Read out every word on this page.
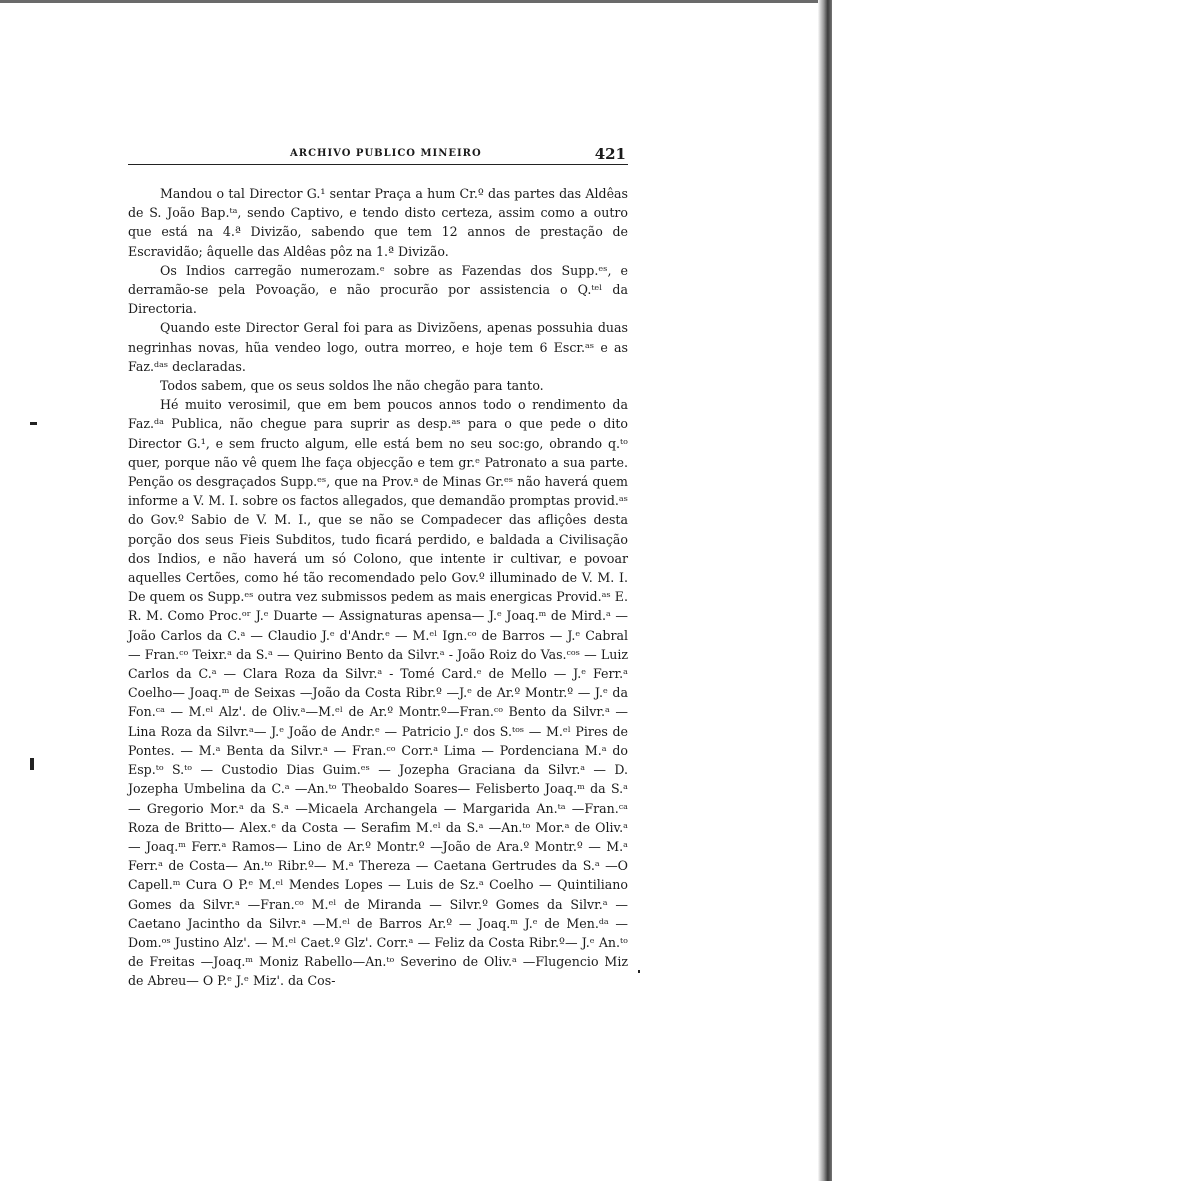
ARCHIVO PUBLICO MINEIRO	421

Mandou o tal Director G.¹ sentar Praça a hum Cr.º das partes das Aldêas de S. João Bap.ᵗᵃ, sendo Captivo, e tendo disto certeza, assim como a outro que está na 4.ª Divizão, sabendo que tem 12 annos de prestação de Escravidão; âquelle das Aldêas pôz na 1.ª Divizão.

Os Indios carregão numerozam.ᵉ sobre as Fazendas dos Supp.ᵉˢ, e derramão-se pela Povoação, e não procurão por assistencia o Q.ᵗᵉˡ da Directoria.

Quando este Director Geral foi para as Divizõens, apenas possuhia duas negrinhas novas, hũa vendeo logo, outra morreo, e hoje tem 6 Escr.ᵃˢ e as Faz.ᵈᵃˢ declaradas.

Todos sabem, que os seus soldos lhe não chegão para tanto.

Hé muito verosimil, que em bem poucos annos todo o rendimento da Faz.ᵈᵃ Publica, não chegue para suprir as desp.ᵃˢ para o que pede o dito Director G.¹, e sem fructo algum, elle está bem no seu soc:go, obrando q.ᵗᵒ quer, porque não vê quem lhe faça objecção e tem gr.ᵉ Patronato a sua parte. Penção os desgraçados Supp.ᵉˢ, que na Prov.ᵃ de Minas Gr.ᵉˢ não haverá quem informe a V. M. I. sobre os factos allegados, que demandão promptas provid.ᵃˢ do Gov.º Sabio de V. M. I., que se não se Compadecer das afliçôes desta porção dos seus Fieis Subditos, tudo ficará perdido, e baldada a Civilisação dos Indios, e não haverá um só Colono, que intente ir cultivar, e povoar aquelles Certões, como hé tão recomendado pelo Gov.º illuminado de V. M. I. De quem os Supp.ᵉˢ outra vez submissos pedem as mais energicas Provid.ᵃˢ E. R. M. Como Proc.ᵒʳ J.ᵉ Duarte — Assignaturas apensa— J.ᵉ Joaq.ᵐ de Mird.ᵃ — João Carlos da C.ᵃ — Claudio J.ᵉ d'Andr.ᵉ — M.ᵉˡ Ign.ᶜᵒ de Barros — J.ᵉ Cabral — Fran.ᶜᵒ Teixr.ᵃ da S.ᵃ — Quirino Bento da Silvr.ᵃ - João Roiz do Vas.ᶜᵒˢ — Luiz Carlos da C.ᵃ — Clara Roza da Silvr.ᵃ - Tomé Card.ᵉ de Mello — J.ᵉ Ferr.ᵃ Coelho— Joaq.ᵐ de Seixas —João da Costa Ribr.º —J.ᵉ de Ar.º Montr.º — J.ᵉ da Fon.ᶜᵃ — M.ᵉˡ Alz'. de Oliv.ᵃ—M.ᵉˡ de Ar.º Montr.º—Fran.ᶜᵒ Bento da Silvr.ᵃ — Lina Roza da Silvr.ᵃ— J.ᵉ João de Andr.ᵉ — Patricio J.ᵉ dos S.ᵗᵒˢ — M.ᵉˡ Pires de Pontes. — M.ᵃ Benta da Silvr.ᵃ — Fran.ᶜᵒ Corr.ᵃ Lima — Pordenciana M.ᵃ do Esp.ᵗᵒ S.ᵗᵒ — Custodio Dias Guim.ᵉˢ — Jozepha Graciana da Silvr.ᵃ — D. Jozepha Umbelina da C.ᵃ —An.ᵗᵒ Theobaldo Soares— Felisberto Joaq.ᵐ da S.ᵃ — Gregorio Mor.ᵃ da S.ᵃ —Micaela Archangela — Margarida An.ᵗᵃ —Fran.ᶜᵃ Roza de Britto— Alex.ᵉ da Costa — Serafim M.ᵉˡ da S.ᵃ —An.ᵗᵒ Mor.ᵃ de Oliv.ᵃ — Joaq.ᵐ Ferr.ᵃ Ramos— Lino de Ar.º Montr.º —João de Ara.º Montr.º — M.ᵃ Ferr.ᵃ de Costa— An.ᵗᵒ Ribr.º— M.ᵃ Thereza — Caetana Gertrudes da S.ᵃ —O Capell.ᵐ Cura O P.ᵉ M.ᵉˡ Mendes Lopes — Luis de Sz.ᵃ Coelho — Quintiliano Gomes da Silvr.ᵃ —Fran.ᶜᵒ M.ᵉˡ de Miranda — Silvr.º Gomes da Silvr.ᵃ —Caetano Jacintho da Silvr.ᵃ —M.ᵉˡ de Barros Ar.º — Joaq.ᵐ J.ᵉ de Men.ᵈᵃ —Dom.ᵒˢ Justino Alz'. — M.ᵉˡ Caet.º Glz'. Corr.ᵃ — Feliz da Costa Ribr.º— J.ᵉ An.ᵗᵒ de Freitas —Joaq.ᵐ Moniz Rabello—An.ᵗᵒ Severino de Oliv.ᵃ —Flugencio Miz de Abreu— O P.ᵉ J.ᵉ Miz'. da Cos-
